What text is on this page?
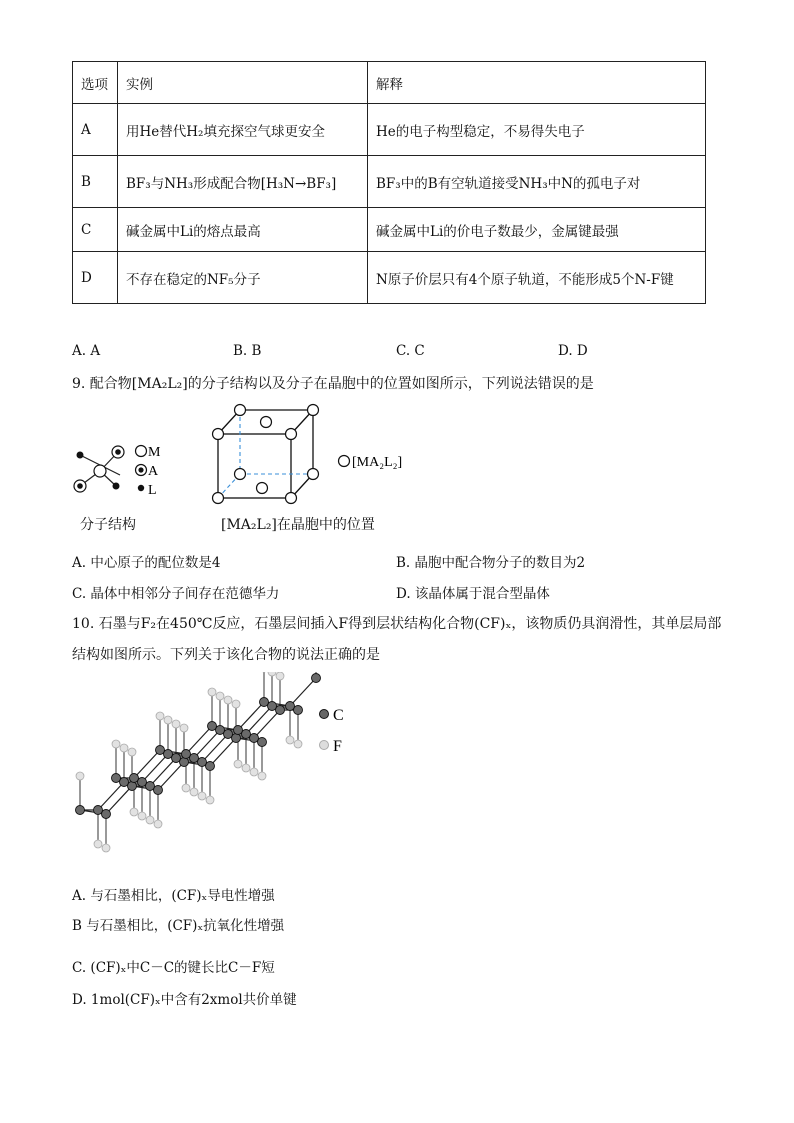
选项	实例	解释
A	用He替代H₂填充探空气球更安全	He的电子构型稳定，不易得失电子
B	BF₃与NH₃形成配合物[H₃N→BF₃]	BF₃中的B有空轨道接受NH₃中N的孤电子对
C	碱金属中Li的熔点最高	碱金属中Li的价电子数最少，金属键最强
D	不存在稳定的NF₅分子	N原子价层只有4个原子轨道，不能形成5个N-F键
A. A	B. B	C. C	D. D
9. 配合物[MA₂L₂]的分子结构以及分子在晶胞中的位置如图所示，下列说法错误的是
M
A
L
[MA₂L₂]
分子结构	[MA₂L₂]在晶胞中的位置
A. 中心原子的配位数是4	B. 晶胞中配合物分子的数目为2
C. 晶体中相邻分子间存在范德华力	D. 该晶体属于混合型晶体
10. 石墨与F₂在450℃反应，石墨层间插入F得到层状结构化合物(CF)ₓ，该物质仍具润滑性，其单层局部
结构如图所示。下列关于该化合物的说法正确的是
C
F
A. 与石墨相比，(CF)ₓ导电性增强
B 与石墨相比，(CF)ₓ抗氧化性增强
C. (CF)ₓ中C－C的键长比C－F短
D. 1mol(CF)ₓ中含有2xmol共价单键
